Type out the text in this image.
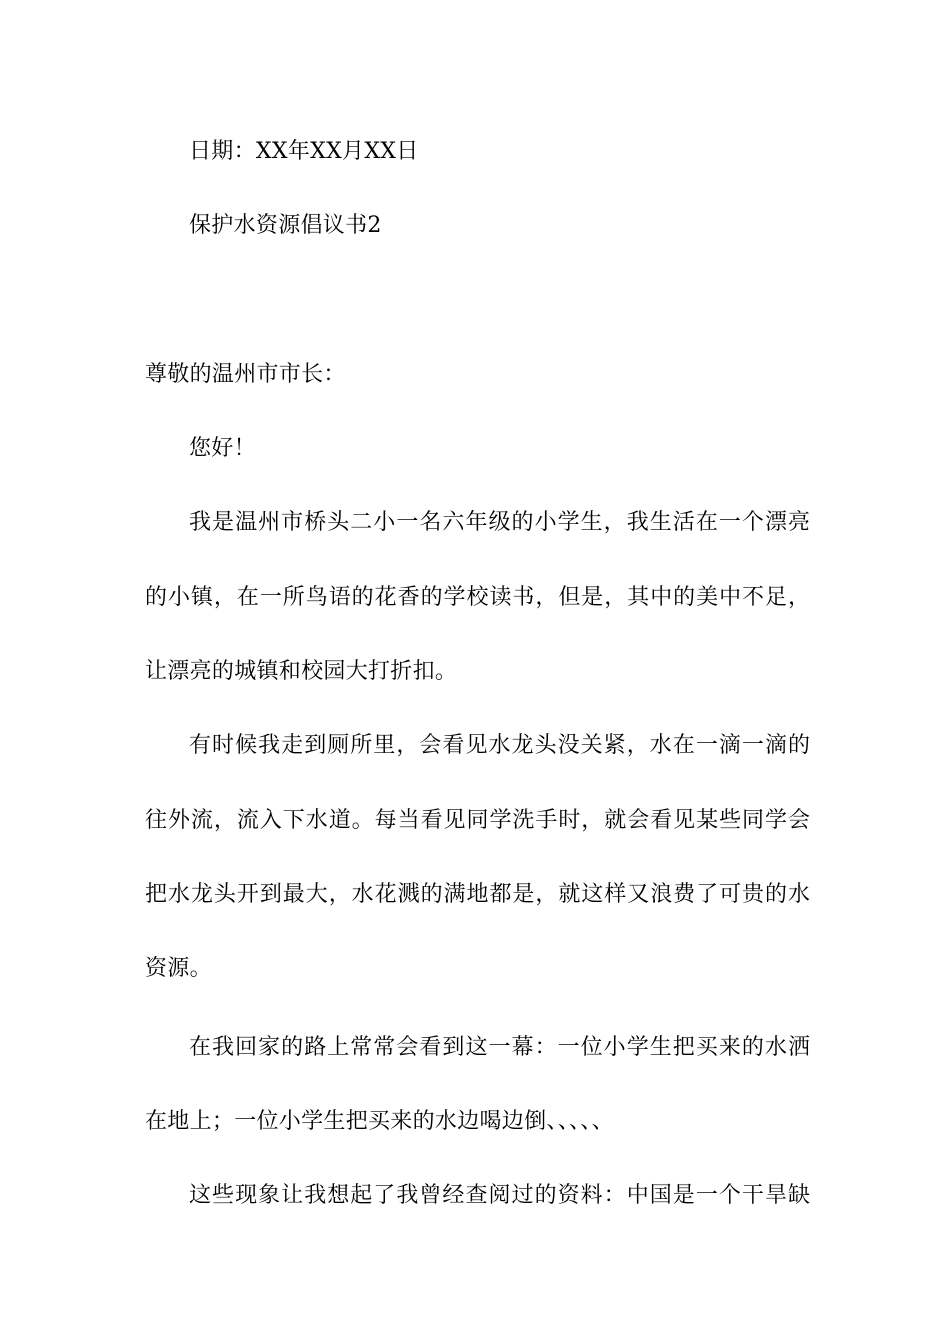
日期：XX年XX月XX日
保护水资源倡议书2
尊敬的温州市市长：
您好！
我是温州市桥头二小一名六年级的小学生，我生活在一个漂亮
的小镇，在一所鸟语的花香的学校读书，但是，其中的美中不足，
让漂亮的城镇和校园大打折扣。
有时候我走到厕所里，会看见水龙头没关紧，水在一滴一滴的
往外流，流入下水道。每当看见同学洗手时，就会看见某些同学会
把水龙头开到最大，水花溅的满地都是，就这样又浪费了可贵的水
资源。
在我回家的路上常常会看到这一幕：一位小学生把买来的水洒
在地上；一位小学生把买来的水边喝边倒、、、、、
这些现象让我想起了我曾经查阅过的资料：中国是一个干旱缺
